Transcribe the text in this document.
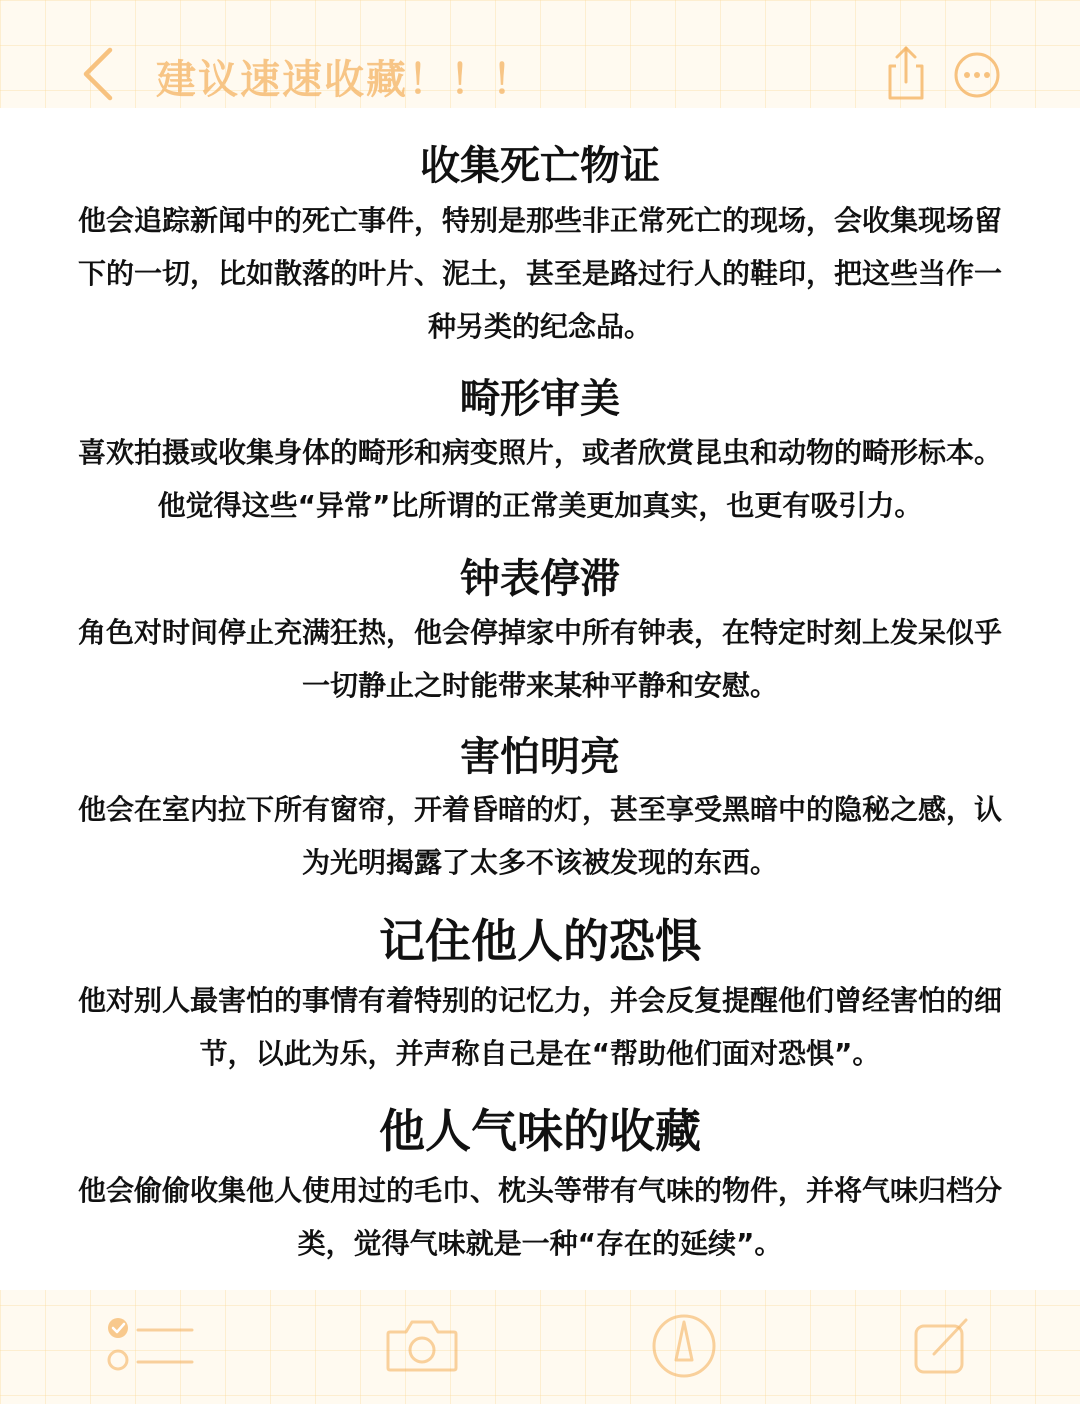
建议速速收藏！！！
收集死亡物证
他会追踪新闻中的死亡事件，特别是那些非正常死亡的现场，会收集现场留下的一切，比如散落的叶片、泥土，甚至是路过行人的鞋印，把这些当作一种另类的纪念品。
畸形审美
喜欢拍摄或收集身体的畸形和病变照片，或者欣赏昆虫和动物的畸形标本。他觉得这些“异常”比所谓的正常美更加真实，也更有吸引力。
钟表停滞
角色对时间停止充满狂热，他会停掉家中所有钟表，在特定时刻上发呆似乎一切静止之时能带来某种平静和安慰。
害怕明亮
他会在室内拉下所有窗帘，开着昏暗的灯，甚至享受黑暗中的隐秘之感，认为光明揭露了太多不该被发现的东西。
记住他人的恐惧
他对别人最害怕的事情有着特别的记忆力，并会反复提醒他们曾经害怕的细节，以此为乐，并声称自己是在“帮助他们面对恐惧”。
他人气味的收藏
他会偷偷收集他人使用过的毛巾、枕头等带有气味的物件，并将气味归档分类，觉得气味就是一种“存在的延续”。
